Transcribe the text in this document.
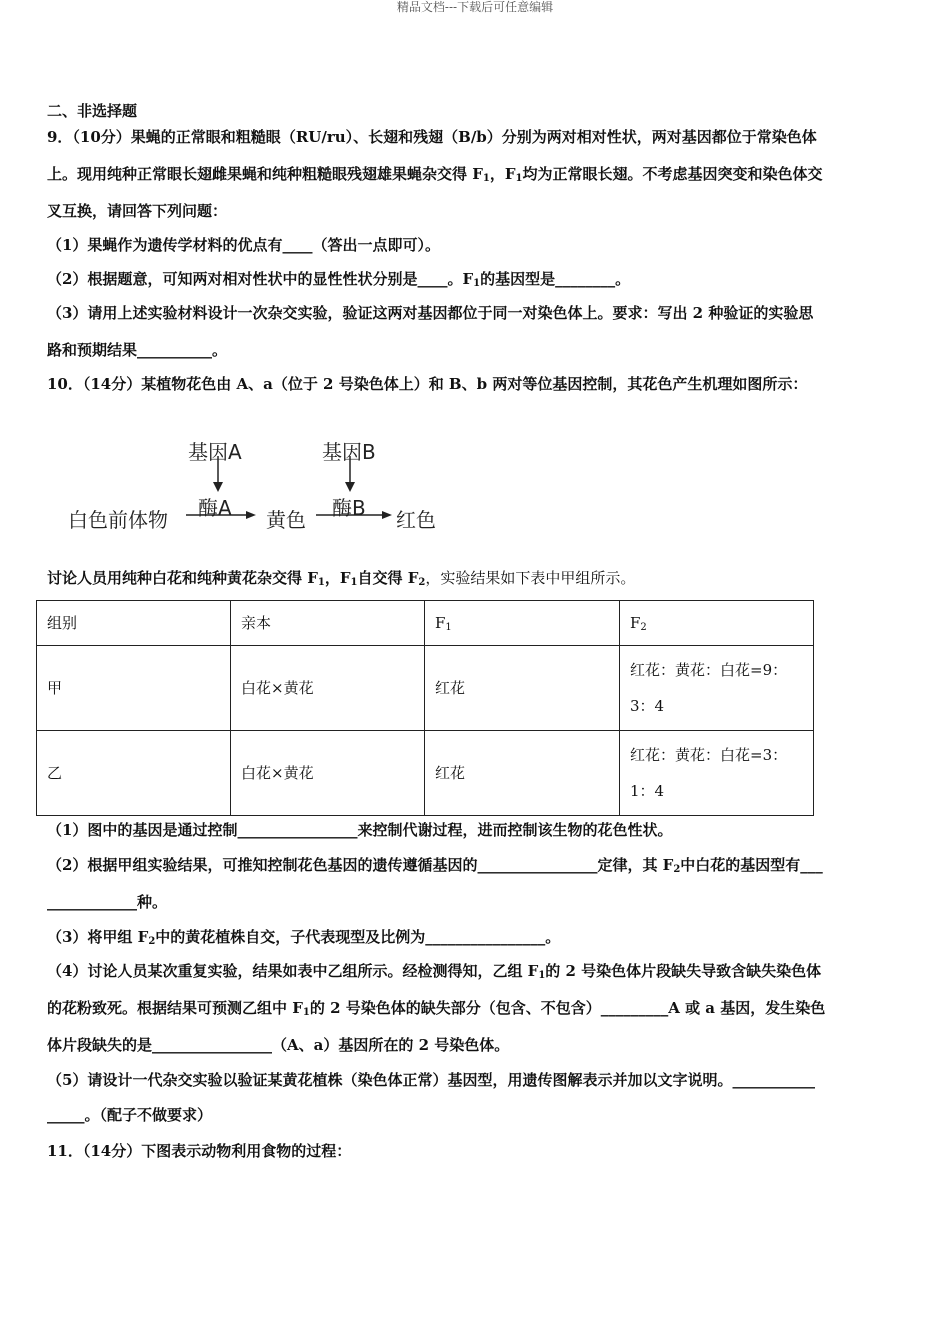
精品文档---下载后可任意编辑
二、非选择题
9．（10分）果蝇的正常眼和粗糙眼（RU/ru）、长翅和残翅（B/b）分别为两对相对性状，两对基因都位于常染色体
上。现用纯种正常眼长翅雌果蝇和纯种粗糙眼残翅雄果蝇杂交得 $F_1$，$F_1$均为正常眼长翅。不考虑基因突变和染色体交
叉互换，请回答下列问题：
（1）果蝇作为遗传学材料的优点有____（答出一点即可）。
（2）根据题意，可知两对相对性状中的显性性状分别是____。$F_1$的基因型是________。
（3）请用上述实验材料设计一次杂交实验，验证这两对基因都位于同一对染色体上。要求：写出 2 种验证的实验思
路和预期结果__________。
10．（14分）某植物花色由 A、a（位于 2 号染色体上）和 B、b 两对等位基因控制，其花色产生机理如图所示：
基因A	基因B
酶A	酶B
白色前体物	黄色	红色
讨论人员用纯种白花和纯种黄花杂交得 $F_1$，$F_1$自交得 $F_2$，实验结果如下表中甲组所示。
组别	亲本	$F_1$	$F_2$
甲	白花×黄花	红花	红花：黄花：白花=9：3：4
乙	白花×黄花	红花	红花：黄花：白花=3：1：4
（1）图中的基因是通过控制________________来控制代谢过程，进而控制该生物的花色性状。
（2）根据甲组实验结果，可推知控制花色基因的遗传遵循基因的________________定律，其 $F_2$中白花的基因型有___
____________种。
（3）将甲组 $F_2$中的黄花植株自交，子代表现型及比例为________________。
（4）讨论人员某次重复实验，结果如表中乙组所示。经检测得知，乙组 $F_1$的 2 号染色体片段缺失导致含缺失染色体
的花粉致死。根据结果可预测乙组中 $F_1$的 2 号染色体的缺失部分（包含、不包含）_________A 或 a 基因，发生染色
体片段缺失的是________________（A、a）基因所在的 2 号染色体。
（5）请设计一代杂交实验以验证某黄花植株（染色体正常）基因型，用遗传图解表示并加以文字说明。___________
_____。（配子不做要求）
11．（14分）下图表示动物利用食物的过程：
